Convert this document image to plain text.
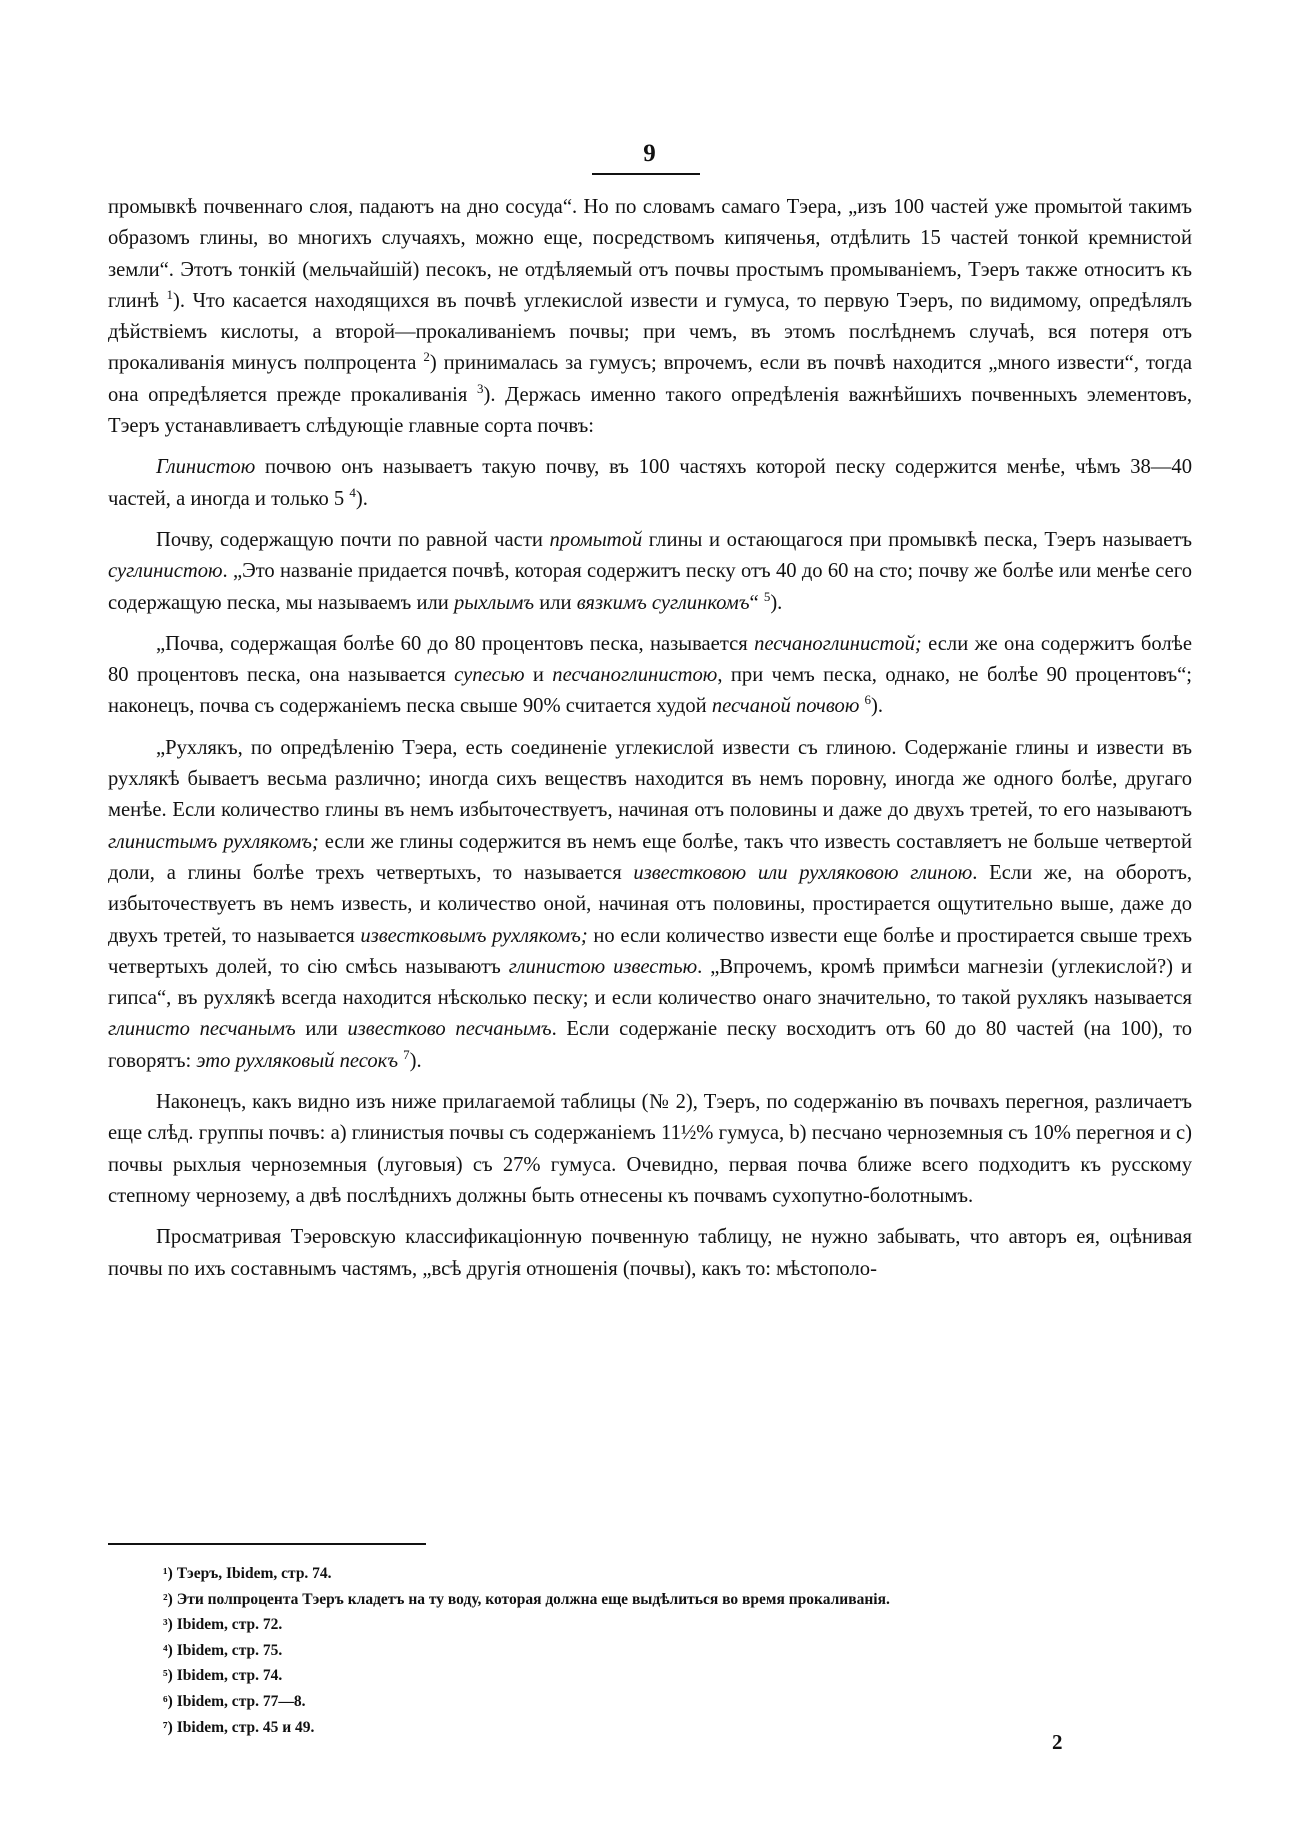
9

промывкѣ почвеннаго слоя, падаютъ на дно сосуда“. Но по словамъ самаго Тэера, „изъ 100 частей уже промытой такимъ образомъ глины, во многихъ случаяхъ, можно еще, посредствомъ кипяченья, отдѣлить 15 частей тонкой кремнистой земли“. Этотъ тонкій (мельчайшій) песокъ, не отдѣляемый отъ почвы простымъ промываніемъ, Тэеръ также относитъ къ глинѣ $^1$). Что касается находящихся въ почвѣ углекислой извести и гумуса, то первую Тэеръ, по видимому, опредѣлялъ дѣйствіемъ кислоты, а второй—прокаливаніемъ почвы; при чемъ, въ этомъ послѣднемъ случаѣ, вся потеря отъ прокаливанія минусъ полпроцента $^2$) принималась за гумусъ; впрочемъ, если въ почвѣ находится „много извести“, тогда она опредѣляется прежде прокаливанія $^3$). Держась именно такого опредѣленія важнѣйшихъ почвенныхъ элементовъ, Тэеръ устанавливаетъ слѣдующіе главные сорта почвъ:

Глинистою почвою онъ называетъ такую почву, въ 100 частяхъ которой песку содержится менѣе, чѣмъ 38—40 частей, а иногда и только 5 $^4$).

Почву, содержащую почти по равной части промытой глины и остающагося при промывкѣ песка, Тэеръ называетъ суглинистою. „Это названіе придается почвѣ, которая содержитъ песку отъ 40 до 60 на сто; почву же болѣе или менѣе сего содержащую песка, мы называемъ или рыхлымъ или вязкимъ суглинкомъ“ $^5$).

„Почва, содержащая болѣе 60 до 80 процентовъ песка, называется песчаноглинистой; если же она содержитъ болѣе 80 процентовъ песка, она называется супесью и песчаноглинистою, при чемъ песка, однако, не болѣе 90 процентовъ“; наконецъ, почва съ содержаніемъ песка свыше 90% считается худой песчаной почвою $^6$).

„Рухлякъ, по опредѣленію Тэера, есть соединеніе углекислой извести съ глиною. Содержаніе глины и извести въ рухлякѣ бываетъ весьма различно; иногда сихъ веществъ находится въ немъ поровну, иногда же одного болѣе, другаго менѣе. Если количество глины въ немъ избыточествуетъ, начиная отъ половины и даже до двухъ третей, то его называютъ глинистымъ рухлякомъ; если же глины содержится въ немъ еще болѣе, такъ что известь составляетъ не больше четвертой доли, а глины болѣе трехъ четвертыхъ, то называется известковою или рухляковою глиною. Если же, на оборотъ, избыточествуетъ въ немъ известь, и количество оной, начиная отъ половины, простирается ощутительно выше, даже до двухъ третей, то называется известковымъ рухлякомъ; но если количество извести еще болѣе и простирается свыше трехъ четвертыхъ долей, то сію смѣсь называютъ глинистою известью. „Впрочемъ, кромѣ примѣси магнезіи (углекислой?) и гипса“, въ рухлякѣ всегда находится нѣсколько песку; и если количество онаго значительно, то такой рухлякъ называется глинисто песчанымъ или известково песчанымъ. Если содержаніе песку восходитъ отъ 60 до 80 частей (на 100), то говорятъ: это рухляковый песокъ $^7$).

Наконецъ, какъ видно изъ ниже прилагаемой таблицы (№ 2), Тэеръ, по содержанію въ почвахъ перегноя, различаетъ еще слѣд. группы почвъ: a) глинистыя почвы съ содержаніемъ 11½% гумуса, b) песчано черноземныя съ 10% перегноя и c) почвы рыхлыя черноземныя (луговыя) съ 27% гумуса. Очевидно, первая почва ближе всего подходитъ къ русскому степному чернозему, а двѣ послѣднихъ должны быть отнесены къ почвамъ сухопутно-болотнымъ.

Просматривая Тэеровскую классификаціонную почвенную таблицу, не нужно забывать, что авторъ ея, оцѣнивая почвы по ихъ составнымъ частямъ, „всѣ другія отношенія (почвы), какъ то: мѣстополо-

¹) Тэеръ, Ibidem, стр. 74.
²) Эти полпроцента Тэеръ кладетъ на ту воду, которая должна еще выдѣлиться во время прокаливанія.
³) Ibidem, стр. 72.
⁴) Ibidem, стр. 75.
⁵) Ibidem, стр. 74.
⁶) Ibidem, стр. 77—8.
⁷) Ibidem, стр. 45 и 49.
2
